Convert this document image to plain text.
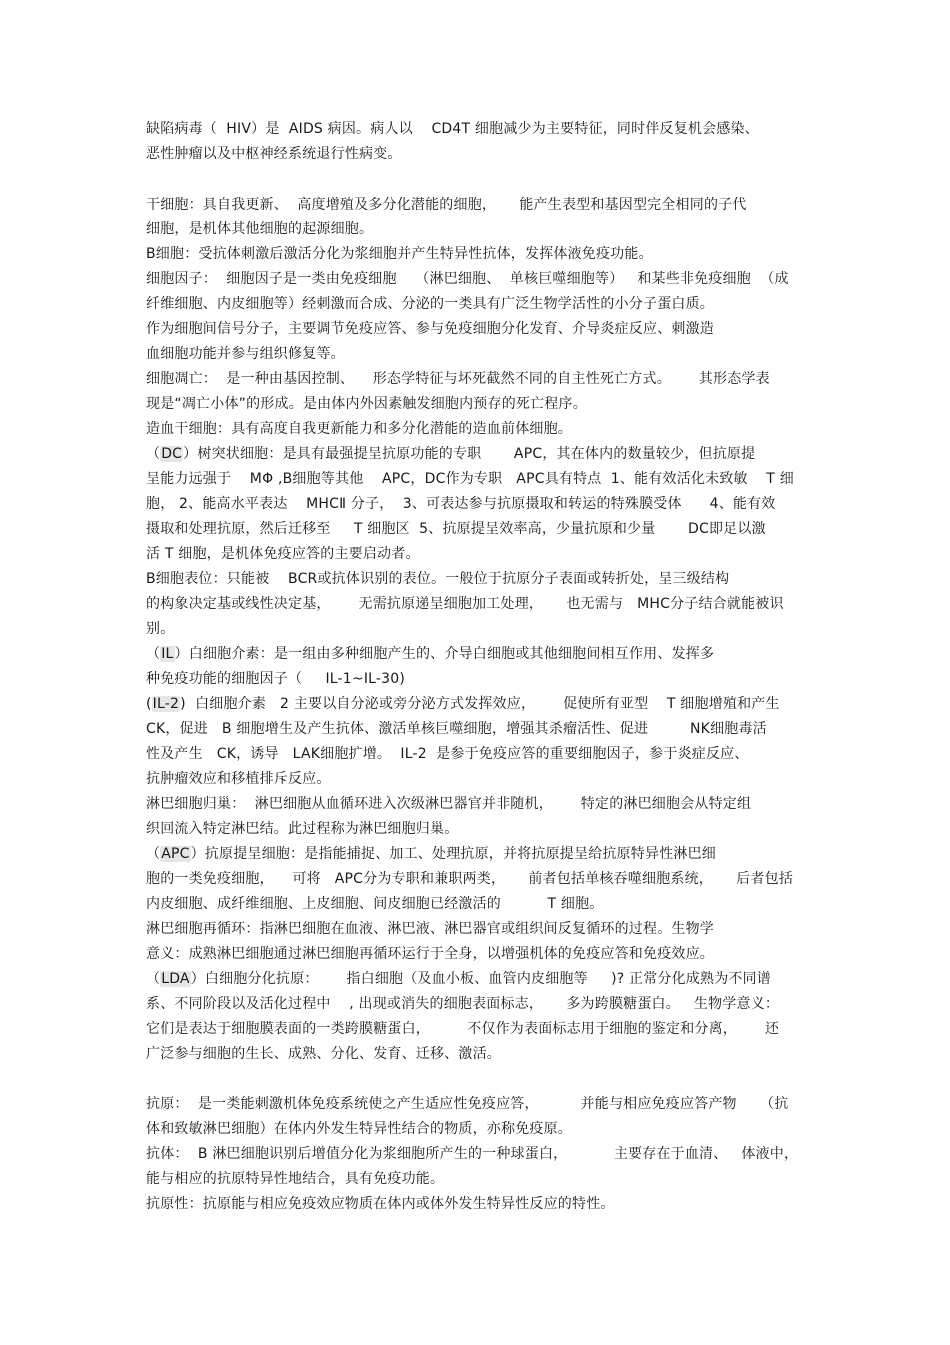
缺陷病毒（  HIV）是  AIDS 病因。病人以    CD4T 细胞减少为主要特征，同时伴反复机会感染、

恶性肿瘤以及中枢神经系统退行性病变。

干细胞：具自我更新、  高度增殖及多分化潜能的细胞，     能产生表型和基因型完全相同的子代

细胞，是机体其他细胞的起源细胞。

B细胞：受抗体刺激后激活分化为浆细胞并产生特异性抗体，发挥体液免疫功能。

细胞因子：  细胞因子是一类由免疫细胞    （淋巴细胞、  单核巨噬细胞等）   和某些非免疫细胞  （成

纤维细胞、内皮细胞等）经刺激而合成、分泌的一类具有广泛生物学活性的小分子蛋白质。

作为细胞间信号分子，主要调节免疫应答、参与免疫细胞分化发育、介导炎症反应、刺激造

血细胞功能并参与组织修复等。

细胞凋亡：  是一种由基因控制、    形态学特征与坏死截然不同的自主性死亡方式。      其形态学表

现是“凋亡小体”的形成。是由体内外因素触发细胞内预存的死亡程序。

造血干细胞：具有高度自我更新能力和多分化潜能的造血前体细胞。

（DC）树突状细胞：是具有最强提呈抗原功能的专职       APC，其在体内的数量较少，但抗原提

呈能力远强于    MΦ ,B细胞等其他    APC，DC作为专职   APC具有特点  1、能有效活化未致敏    T 细

胞， 2、能高水平表达    MHCⅡ 分子，  3、可表达参与抗原摄取和转运的特殊膜受体      4、能有效

摄取和处理抗原，然后迁移至     T 细胞区  5、抗原提呈效率高，少量抗原和少量       DC即足以激

活 T 细胞，是机体免疫应答的主要启动者。

B细胞表位：只能被    BCR或抗体识别的表位。一般位于抗原分子表面或转折处，呈三级结构

的构象决定基或线性决定基，      无需抗原递呈细胞加工处理，     也无需与   MHC分子结合就能被识

别。

（IL）白细胞介素：是一组由多种细胞产生的、介导白细胞或其他细胞间相互作用、发挥多

种免疫功能的细胞因子（     IL-1~IL-30)

(IL-2)  白细胞介素   2 主要以自分泌或旁分泌方式发挥效应，      促使所有亚型    T 细胞增殖和产生

CK，促进   B 细胞增生及产生抗体、激活单核巨噬细胞，增强其杀瘤活性、促进         NK细胞毒活

性及产生   CK，诱导   LAK细胞扩增。  IL-2  是参于免疫应答的重要细胞因子，参于炎症反应、

抗肿瘤效应和移植排斥反应。

淋巴细胞归巢：  淋巴细胞从血循环进入次级淋巴器官并非随机，      特定的淋巴细胞会从特定组

织回流入特定淋巴结。此过程称为淋巴细胞归巢。

（APC）抗原提呈细胞：是指能捕捉、加工、处理抗原，并将抗原提呈给抗原特异性淋巴细

胞的一类免疫细胞，    可将   APC分为专职和兼职两类，     前者包括单核吞噬细胞系统，     后者包括

内皮细胞、成纤维细胞、上皮细胞、间皮细胞已经激活的          T 细胞。

淋巴细胞再循环：指淋巴细胞在血液、淋巴液、淋巴器官或组织间反复循环的过程。生物学

意义：成熟淋巴细胞通过淋巴细胞再循环运行于全身，以增强机体的免疫应答和免疫效应。

（LDA）白细胞分化抗原：      指白细胞（及血小板、血管内皮细胞等     )? 正常分化成熟为不同谱

系、不同阶段以及活化过程中    , 出现或消失的细胞表面标志，     多为跨膜糖蛋白。   生物学意义：

它们是表达于细胞膜表面的一类跨膜糖蛋白，        不仅作为表面标志用于细胞的鉴定和分离，      还

广泛参与细胞的生长、成熟、分化、发育、迁移、激活。

抗原：  是一类能刺激机体免疫系统使之产生适应性免疫应答，         并能与相应免疫应答产物     （抗

体和致敏淋巴细胞）在体内外发生特异性结合的物质，亦称免疫原。

抗体：  B 淋巴细胞识别后增值分化为浆细胞所产生的一种球蛋白，          主要存在于血清、   体液中，

能与相应的抗原特异性地结合，具有免疫功能。

抗原性：抗原能与相应免疫效应物质在体内或体外发生特异性反应的特性。
